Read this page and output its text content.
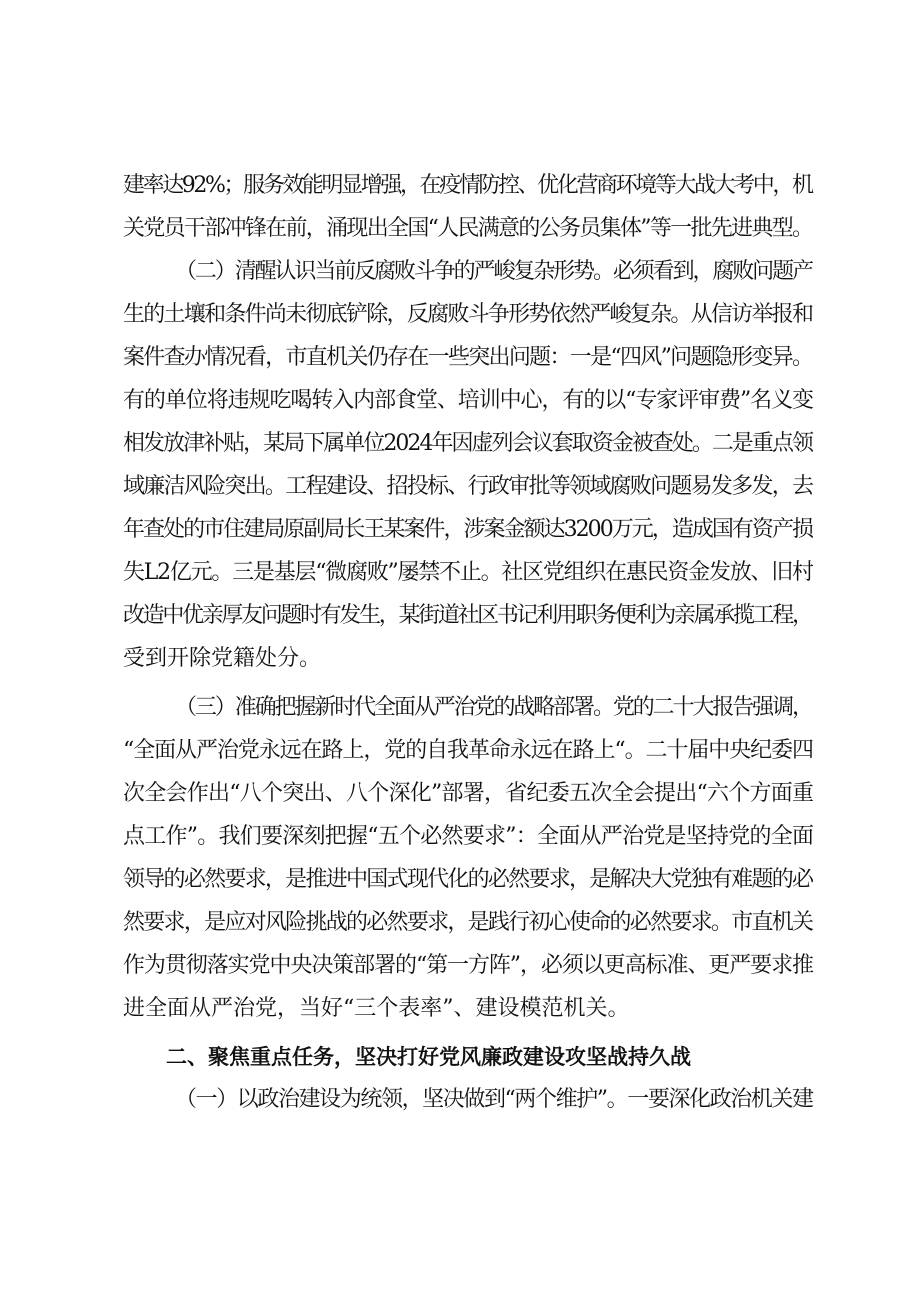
建率达92%；服务效能明显增强，在疫情防控、优化营商环境等大战大考中，机
关党员干部冲锋在前，涌现出全国“人民满意的公务员集体”等一批先进典型。
（二）清醒认识当前反腐败斗争的严峻复杂形势。必须看到，腐败问题产
生的土壤和条件尚未彻底铲除，反腐败斗争形势依然严峻复杂。从信访举报和
案件查办情况看，市直机关仍存在一些突出问题：一是“四风”问题隐形变异。
有的单位将违规吃喝转入内部食堂、培训中心，有的以“专家评审费”名义变
相发放津补贴，某局下属单位2024年因虚列会议套取资金被查处。二是重点领
域廉洁风险突出。工程建设、招投标、行政审批等领域腐败问题易发多发，去
年查处的市住建局原副局长王某案件，涉案金额达3200万元，造成国有资产损
失L2亿元。三是基层“微腐败”屡禁不止。社区党组织在惠民资金发放、旧村
改造中优亲厚友问题时有发生，某街道社区书记利用职务便利为亲属承揽工程，
受到开除党籍处分。
（三）准确把握新时代全面从严治党的战略部署。党的二十大报告强调，
“全面从严治党永远在路上，党的自我革命永远在路上“。二十届中央纪委四
次全会作出“八个突出、八个深化”部署，省纪委五次全会提出“六个方面重
点工作”。我们要深刻把握“五个必然要求”：全面从严治党是坚持党的全面
领导的必然要求，是推进中国式现代化的必然要求，是解决大党独有难题的必
然要求，是应对风险挑战的必然要求，是践行初心使命的必然要求。市直机关
作为贯彻落实党中央决策部署的“第一方阵”，必须以更高标准、更严要求推
进全面从严治党，当好“三个表率”、建设模范机关。
二、聚焦重点任务，坚决打好党风廉政建设攻坚战持久战
（一）以政治建设为统领，坚决做到“两个维护”。一要深化政治机关建
